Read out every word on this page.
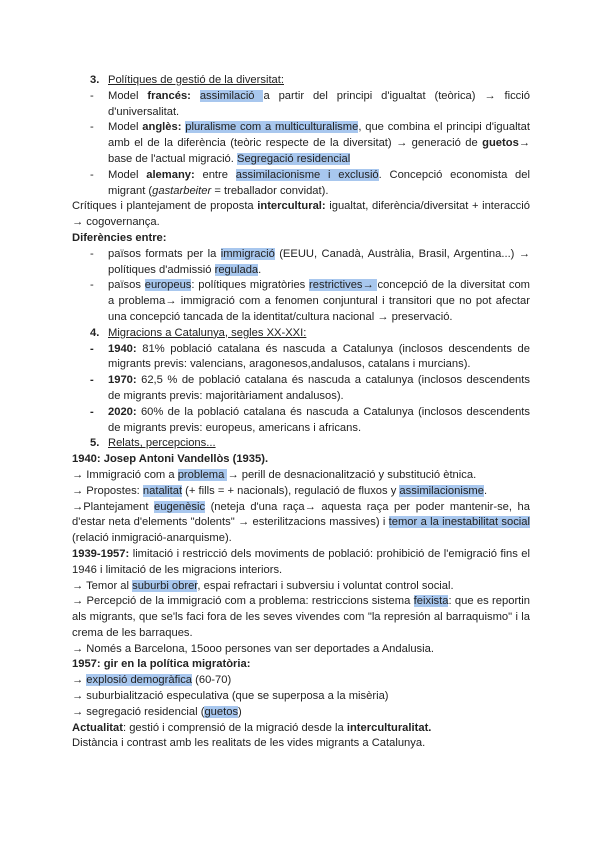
3. Polítiques de gestió de la diversitat:
-	Model francés: assimilació a partir del principi d'igualtat (teòrica) → ficció d'universalitat.
-	Model anglès: pluralisme com a multiculturalisme, que combina el principi d'igualtat amb el de la diferència (teòric respecte de la diversitat) → generació de guetos→ base de l'actual migració. Segregació residencial
-	Model alemany: entre assimilacionisme i exclusió. Concepció economista del migrant (gastarbeiter = treballador convidat).
Crítiques i plantejament de proposta intercultural: igualtat, diferència/diversitat + interacció → cogovernança.
Diferències entre:
-	països formats per la immigració (EEUU, Canadà, Austràlia, Brasil, Argentina...) → polítiques d'admissió regulada.
-	països europeus: polítiques migratòries restrictives→ concepció de la diversitat com a problema→ immigració com a fenomen conjuntural i transitori que no pot afectar una concepció tancada de la identitat/cultura nacional → preservació.
4. Migracions a Catalunya, segles XX-XXI:
-	1940: 81% població catalana és nascuda a Catalunya (inclosos descendents de migrants previs: valencians, aragonesos,andalusos, catalans i murcians).
-	1970: 62,5 % de població catalana és nascuda a catalunya (inclosos descendents de migrants previs: majoritàriament andalusos).
-	2020: 60% de la població catalana és nascuda a Catalunya (inclosos descendents de migrants previs: europeus, americans i africans.
5. Relats, percepcions...
1940: Josep Antoni Vandellòs (1935).
→ Immigració com a problema → perill de desnacionalització y substitució ètnica.
→ Propostes: natalitat (+ fills = + nacionals), regulació de fluxos y assimilacionisme.
→Plantejament eugenèsic (neteja d'una raça→ aquesta raça per poder mantenir-se, ha d'estar neta d'elements "dolents" → esterilitzacions massives) i temor a la inestabilitat social (relació inmigració-anarquisme).
1939-1957: limitació i restricció dels moviments de població: prohibició de l'emigració fins el 1946 i limitació de les migracions interiors.
→ Temor al suburbi obrer, espai refractari i subversiu i voluntat control social.
→ Percepció de la immigració com a problema: restriccions sistema feixista: que es reportin als migrants, que se'ls faci fora de les seves vivendes com "la represión al barraquismo" i la crema de les barraques.
→ Només a Barcelona, 15ooo persones van ser deportades a Andalusia.
1957: gir en la política migratòria:
→ explosió demogràfica (60-70)
→ suburbialització especulativa (que se superposa a la misèria)
→ segregació residencial (guetos)
Actualitat: gestió i comprensió de la migració desde la interculturalitat.
Distància i contrast amb les realitats de les vides migrants a Catalunya.
